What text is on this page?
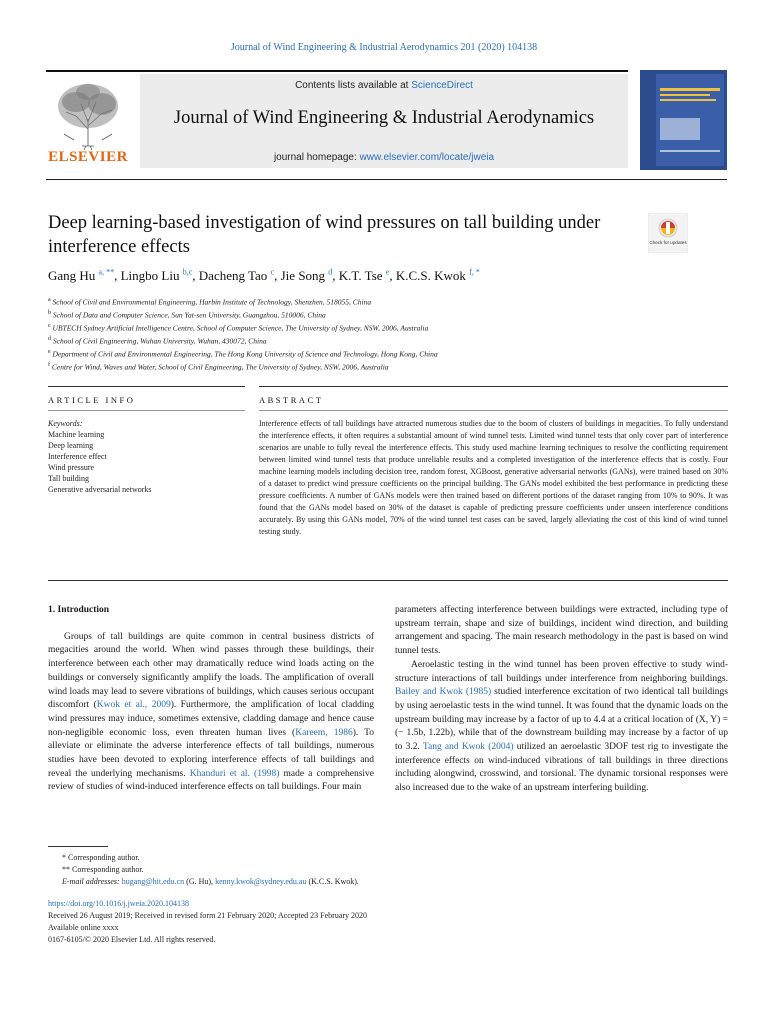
Journal of Wind Engineering & Industrial Aerodynamics 201 (2020) 104138
ELSEVIER
Contents lists available at ScienceDirect
Journal of Wind Engineering & Industrial Aerodynamics
journal homepage: www.elsevier.com/locate/jweia
Deep learning-based investigation of wind pressures on tall building under interference effects	Check for updates
Gang Hu $^{a, **}$, Lingbo Liu $^{b,c}$, Dacheng Tao $^c$, Jie Song $^d$, K.T. Tse $^e$, K.C.S. Kwok $^{f, *}$
$^a$ School of Civil and Environmental Engineering, Harbin Institute of Technology, Shenzhen, 518055, China
$^b$ School of Data and Computer Science, Sun Yat-sen University, Guangzhou, 510006, China
$^c$ UBTECH Sydney Artificial Intelligence Centre, School of Computer Science, The University of Sydney, NSW, 2006, Australia
$^d$ School of Civil Engineering, Wuhan University, Wuhan, 430072, China
$^e$ Department of Civil and Environmental Engineering, The Hong Kong University of Science and Technology, Hong Kong, China
$^f$ Centre for Wind, Waves and Water, School of Civil Engineering, The University of Sydney, NSW, 2006, Australia
ARTICLE INFO	ABSTRACT
Keywords:
Machine learning
Deep learning
Interference effect
Wind pressure
Tall building
Generative adversarial networks
Interference effects of tall buildings have attracted numerous studies due to the boom of clusters of buildings in megacities. To fully understand the interference effects, it often requires a substantial amount of wind tunnel tests. Limited wind tunnel tests that only cover part of interference scenarios are unable to fully reveal the interference effects. This study used machine learning techniques to resolve the conflicting requirement between limited wind tunnel tests that produce unreliable results and a completed investigation of the interference effects that is costly. Four machine learning models including decision tree, random forest, XGBoost, generative adversarial networks (GANs), were trained based on 30% of a dataset to predict wind pressure coefficients on the principal building. The GANs model exhibited the best performance in predicting these pressure coefficients. A number of GANs models were then trained based on different portions of the dataset ranging from 10% to 90%. It was found that the GANs model based on 30% of the dataset is capable of predicting pressure coefficients under unseen interference conditions accurately. By using this GANs model, 70% of the wind tunnel test cases can be saved, largely alleviating the cost of this kind of wind tunnel testing study.
1. Introduction

Groups of tall buildings are quite common in central business districts of megacities around the world. When wind passes through these buildings, their interference between each other may dramatically reduce wind loads acting on the buildings or conversely significantly amplify the loads. The amplification of overall wind loads may lead to severe vibrations of buildings, which causes serious occupant discomfort (Kwok et al., 2009). Furthermore, the amplification of local cladding wind pressures may induce, sometimes extensive, cladding damage and hence cause non-negligible economic loss, even threaten human lives (Kareem, 1986). To alleviate or eliminate the adverse interference effects of tall buildings, numerous studies have been devoted to exploring interference effects of tall buildings and reveal the underlying mechanisms. Khanduri et al. (1998) made a comprehensive review of studies of wind-induced interference effects on tall buildings. Four main

parameters affecting interference between buildings were extracted, including type of upstream terrain, shape and size of buildings, incident wind direction, and building arrangement and spacing. The main research methodology in the past is based on wind tunnel tests.

Aeroelastic testing in the wind tunnel has been proven effective to study wind-structure interactions of tall buildings under interference from neighboring buildings. Bailey and Kwok (1985) studied interference excitation of two identical tall buildings by using aeroelastic tests in the wind tunnel. It was found that the dynamic loads on the upstream building may increase by a factor of up to 4.4 at a critical location of (X, Y) = (− 1.5b, 1.22b), while that of the downstream building may increase by a factor of up to 3.2. Tang and Kwok (2004) utilized an aeroelastic 3DOF test rig to investigate the interference effects on wind-induced vibrations of tall buildings in three directions including alongwind, crosswind, and torsional. The dynamic torsional responses were also increased due to the wake of an upstream interfering building.

* Corresponding author.
** Corresponding author.
E-mail addresses: hugang@hit.edu.cn (G. Hu), kenny.kwok@sydney.edu.au (K.C.S. Kwok).
https://doi.org/10.1016/j.jweia.2020.104138
Received 26 August 2019; Received in revised form 21 February 2020; Accepted 23 February 2020
Available online xxxx
0167-6105/© 2020 Elsevier Ltd. All rights reserved.
